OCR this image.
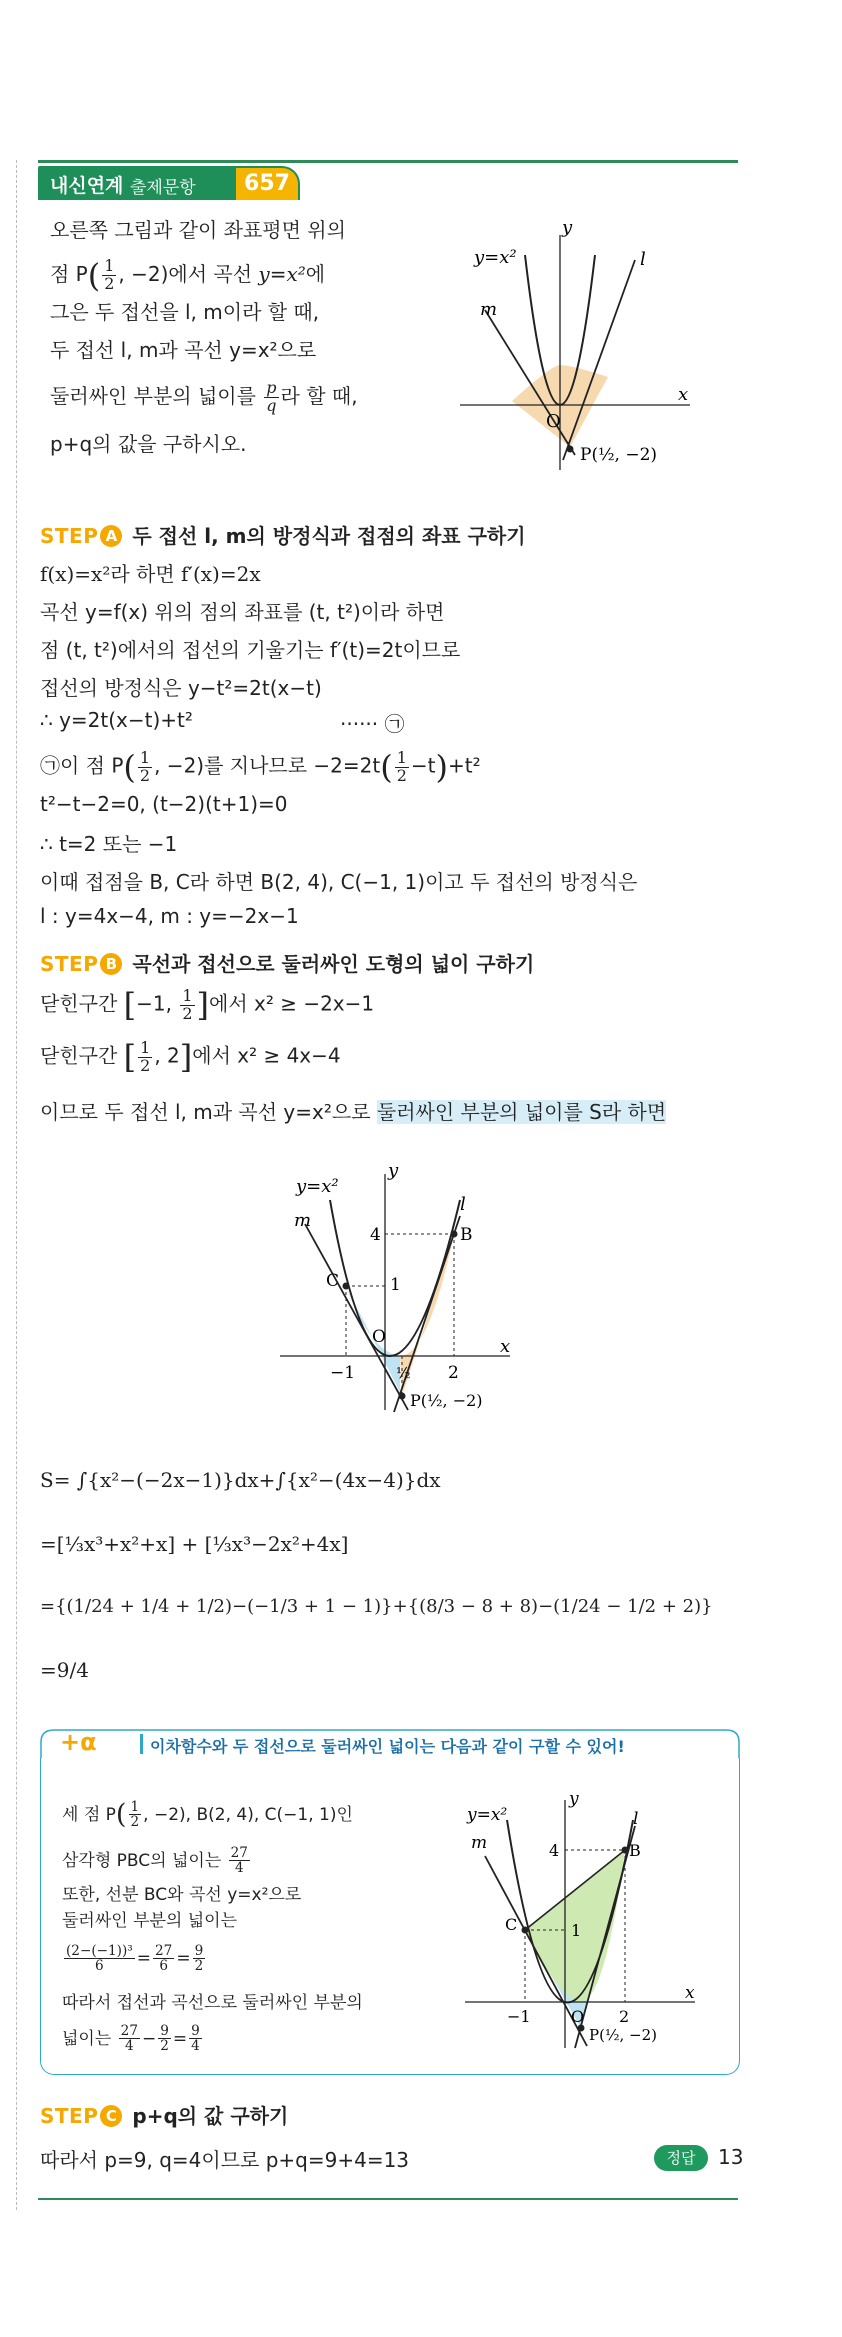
내신연계 출제문항	657
오른쪽 그림과 같이 좌표평면 위의
점 $P( \frac{1}{2}$ , −2)에서 곡선 y=x²에
그은 두 접선을 l, m이라 할 때,
두 접선 l, m과 곡선 y=x²으로
둘러싸인 부분의 넓이를 $\frac{p}{q}$ 라 할 때,
p+q의 값을 구하시오.
y
x
O
y=x²	l
m
P(½, −2)
STEP A 두 접선 l, m의 방정식과 접점의 좌표 구하기
f(x)=x²라 하면 f′(x)=2x
곡선 y=f(x) 위의 점의 좌표를 (t, t²)이라 하면
점 (t, t²)에서의 접선의 기울기는 f′(t)=2t이므로
접선의 방정식은 y−t²=2t(x−t)
∴ y=2t(x−t)+t²	······ ㉠
㉠이 점 $P( \frac{1}{2}$ , −2)를 지나므로 $-2=2t( \frac{1}{2} -t)+t^2$
t²−t−2=0, (t−2)(t+1)=0
∴ t=2 또는 −1
이때 접점을 B, C라 하면 B(2, 4), C(−1, 1)이고 두 접선의 방정식은
l : y=4x−4, m : y=−2x−1
STEP B 곡선과 접선으로 둘러싸인 도형의 넓이 구하기
닫힌구간 [−1, $\frac{1}{2}$ ]에서 x² ≥ −2x−1
닫힌구간 [ $\frac{1}{2}$ , 2]에서 x² ≥ 4x−4
이므로 두 접선 l, m과 곡선 y=x²으로 둘러싸인 부분의 넓이를 S라 하면
y
x
O
y=x²
l
m
4
1
−1	2
½
B
C
P(½, −2)
S= ∫{x²−(−2x−1)}dx+∫{x²−(4x−4)}dx
=[⅓x³+x²+x] + [⅓x³−2x²+4x]
={(1/24 + 1/4 + 1/2)−(−1/3 + 1 − 1)}+{(8/3 − 8 + 8)−(1/24 − 1/2 + 2)}
=9/4
+α	이차함수와 두 접선으로 둘러싸인 넓이는 다음과 같이 구할 수 있어!
세 점 $P( \frac{1}{2}$ , −2), B(2, 4), C(−1, 1)인
삼각형 PBC의 넓이는 $\frac{27}{4}$
또한, 선분 BC와 곡선 y=x²으로
둘러싸인 부분의 넓이는
$\frac{\text{(2−(−1))³}}{6} = \frac{27}{6} = \frac{9}{2}$
따라서 접선과 곡선으로 둘러싸인 부분의
넓이는 $\frac{27}{4} - \frac{9}{2} = \frac{9}{4}$
y
x
O
y=x²	l
m	4
1
−1	2
B
C
P(½, −2)
STEP C p+q의 값 구하기
따라서 p=9, q=4이므로 p+q=9+4=13	정답	13
